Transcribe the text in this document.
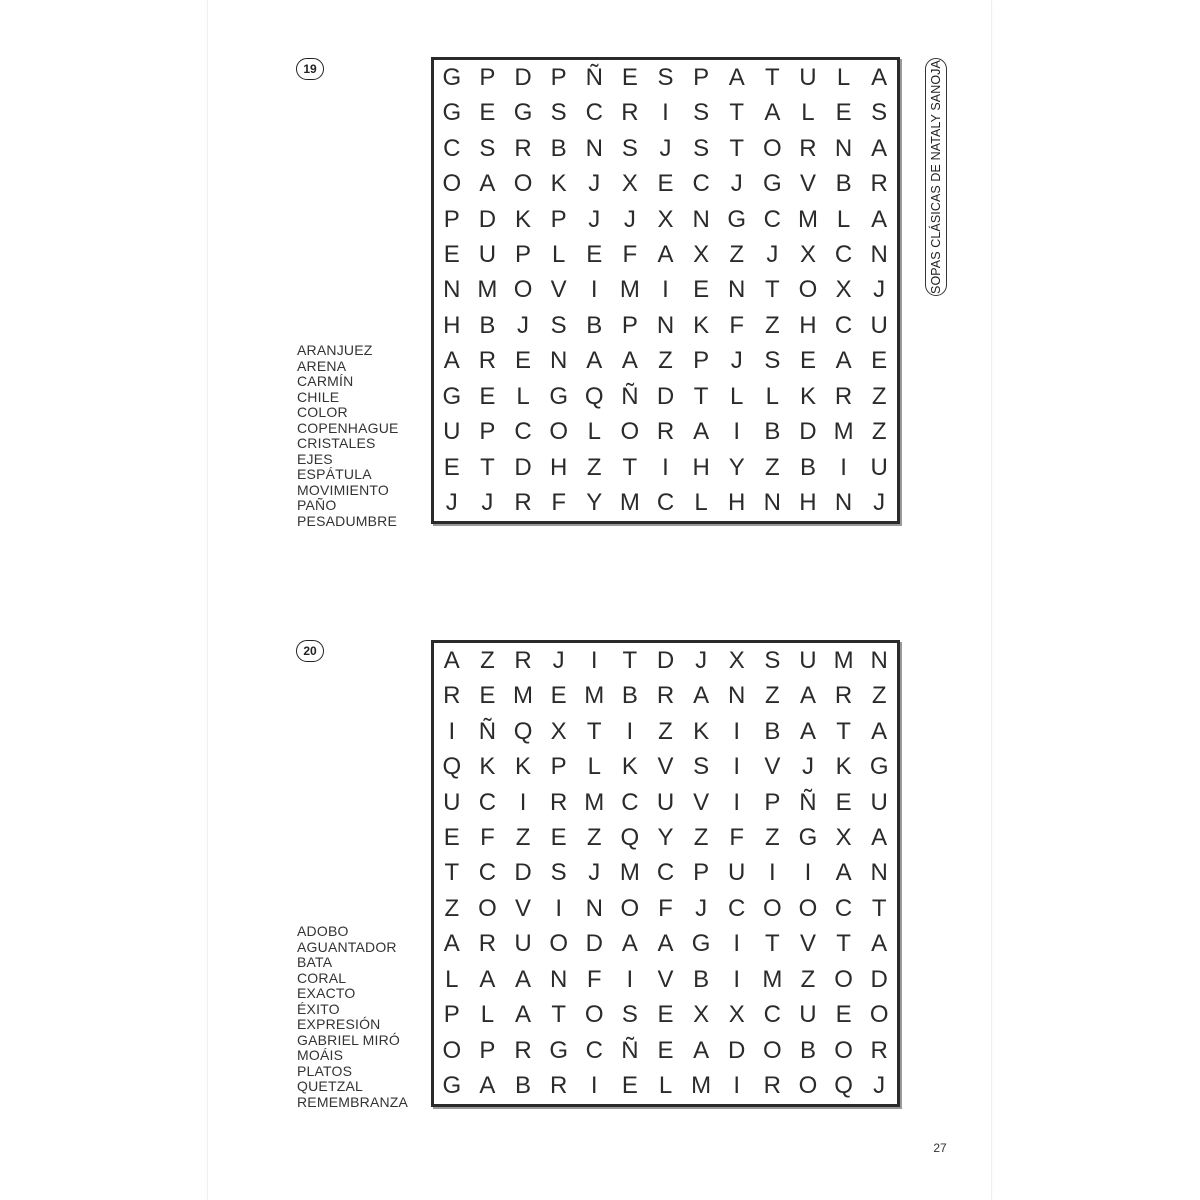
19
ARANJUEZ
ARENA
CARMÍN
CHILE
COLOR
COPENHAGUE
CRISTALES
EJES
ESPÁTULA
MOVIMIENTO
PAÑO
PESADUMBRE
G P D P Ñ E S P A T U L A
G E G S C R I	S T A L E S
C S R B N S J S T O R N A
O A O K J X E C J G V B R
P D K P J J X N G C M L A
E U P L E F A X Z J X C N
N M O V	I M I	E N T O X J
H B J S B P N K F Z H C U
A R E N A A Z P J S E A E
G E L G Q Ñ D T L L K R Z
U P C O L O R A	I	B D M Z
E T D H Z T	I H Y Z B	I U
J J R F Y M C L H N H N J
20
ADOBO
AGUANTADOR
BATA
CORAL
EXACTO
ÉXITO
EXPRESIÓN
GABRIEL MIRÓ
MOÁIS
PLATOS
QUETZAL
REMEMBRANZA
A Z R J	I	T D J X S U M N
R E M E M B R A N Z A R Z
I Ñ Q X T	I	Z K	I	B A T A
Q K K P L K V S	I	V J K G
U C I R M C U V	I	P Ñ E U
E F Z E Z Q Y Z F Z G X A
T C D S J M C P U I	I	A N
Z O V	I N O F J C O O C T
A R U O D A A G I	T V T A
L A A N F	I	V B	I M Z O D
P L A T O S E X X C U E O
O P R G C Ñ E A D O B O R
G A B R I	E L M I R O Q J
SOPAS CLÁSICAS DE NATALY SANOJA
27
